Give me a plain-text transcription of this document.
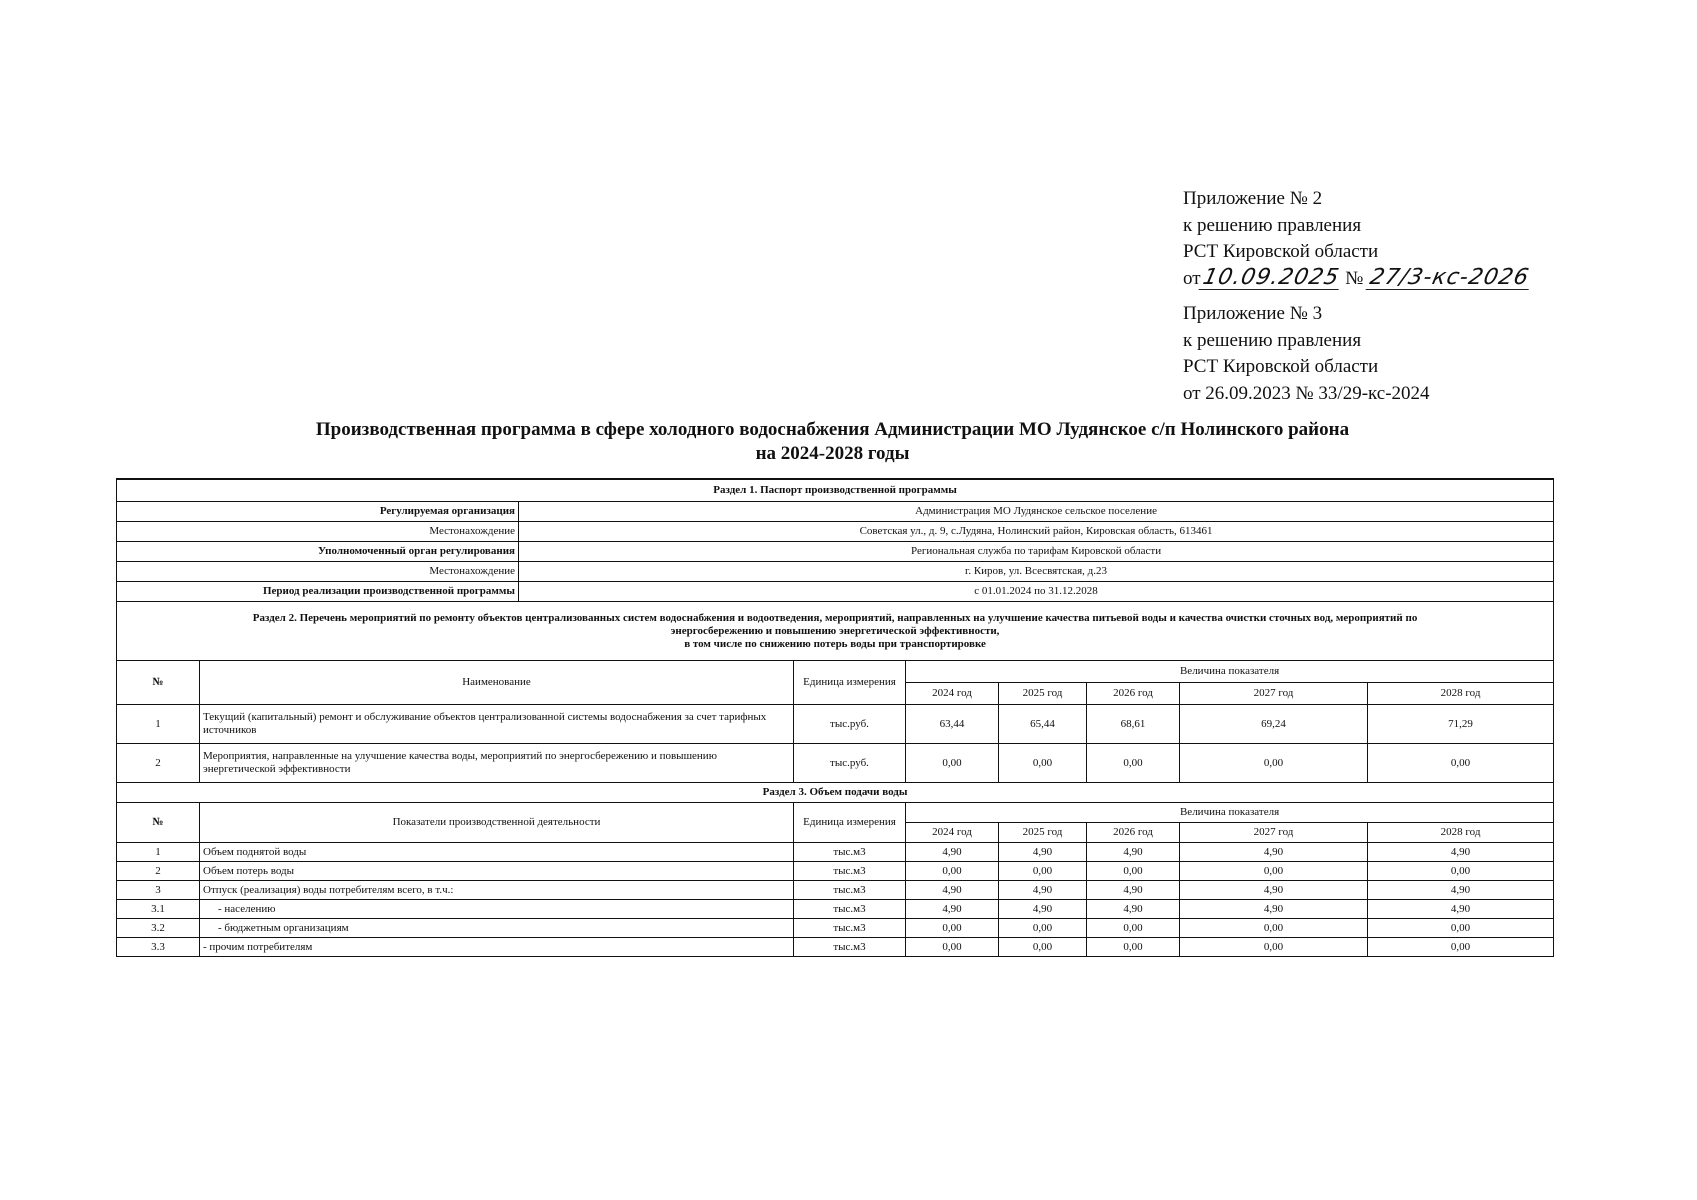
Приложение № 2
к решению правления
РСТ Кировской области
от10.09.2025 № 27/3-кс-2026
Приложение № 3
к решению правления
РСТ Кировской области
от 26.09.2023 № 33/29-кс-2024
Производственная программа в сфере холодного водоснабжения Администрации МО Лудянское с/п Нолинского района
на 2024-2028 годы
Раздел 1. Паспорт производственной программы								
Регулируемая организация		Администрация МО Лудянское сельское поселение						
Местонахождение		Советская ул., д. 9, с.Лудяна, Нолинский район, Кировская область, 613461						
Уполномоченный орган регулирования		Региональная служба по тарифам Кировской области						
Местонахождение		г. Киров, ул. Всесвятская, д.23						
Период реализации производственной программы		с 01.01.2024 по 31.12.2028						

Раздел 2. Перечень мероприятий по ремонту объектов централизованных систем водоснабжения и водоотведения, мероприятий, направленных на улучшение качества питьевой воды и качества очистки сточных вод, мероприятий по
энергосбережению и повышению энергетической эффективности,
в том числе по снижению потерь воды при транспортировке								

№	Наименование		Единица измерения	Величина показателя				
				2024 год	2025 год	2026 год	2027 год	2028 год
1	Текущий (капитальный) ремонт и обслуживание объектов централизованной системы водоснабжения за счет тарифных источников		тыс.руб.	63,44	65,44	68,61	69,24	71,29
2	Мероприятия, направленные на улучшение качества воды, мероприятий по энергосбережению и повышению энергетической эффективности		тыс.руб.	0,00	0,00	0,00	0,00	0,00
Раздел 3. Объем подачи воды								
№	Показатели производственной деятельности		Единица измерения	Величина показателя				
				2024 год	2025 год	2026 год	2027 год	2028 год
1	Объем поднятой воды		тыс.м3	4,90	4,90	4,90	4,90	4,90
2	Объем потерь воды		тыс.м3	0,00	0,00	0,00	0,00	0,00
3	Отпуск (реализация) воды потребителям всего, в т.ч.:		тыс.м3	4,90	4,90	4,90	4,90	4,90
3.1	- населению		тыс.м3	4,90	4,90	4,90	4,90	4,90
3.2	- бюджетным организациям		тыс.м3	0,00	0,00	0,00	0,00	0,00
3.3	- прочим потребителям		тыс.м3	0,00	0,00	0,00	0,00	0,00
